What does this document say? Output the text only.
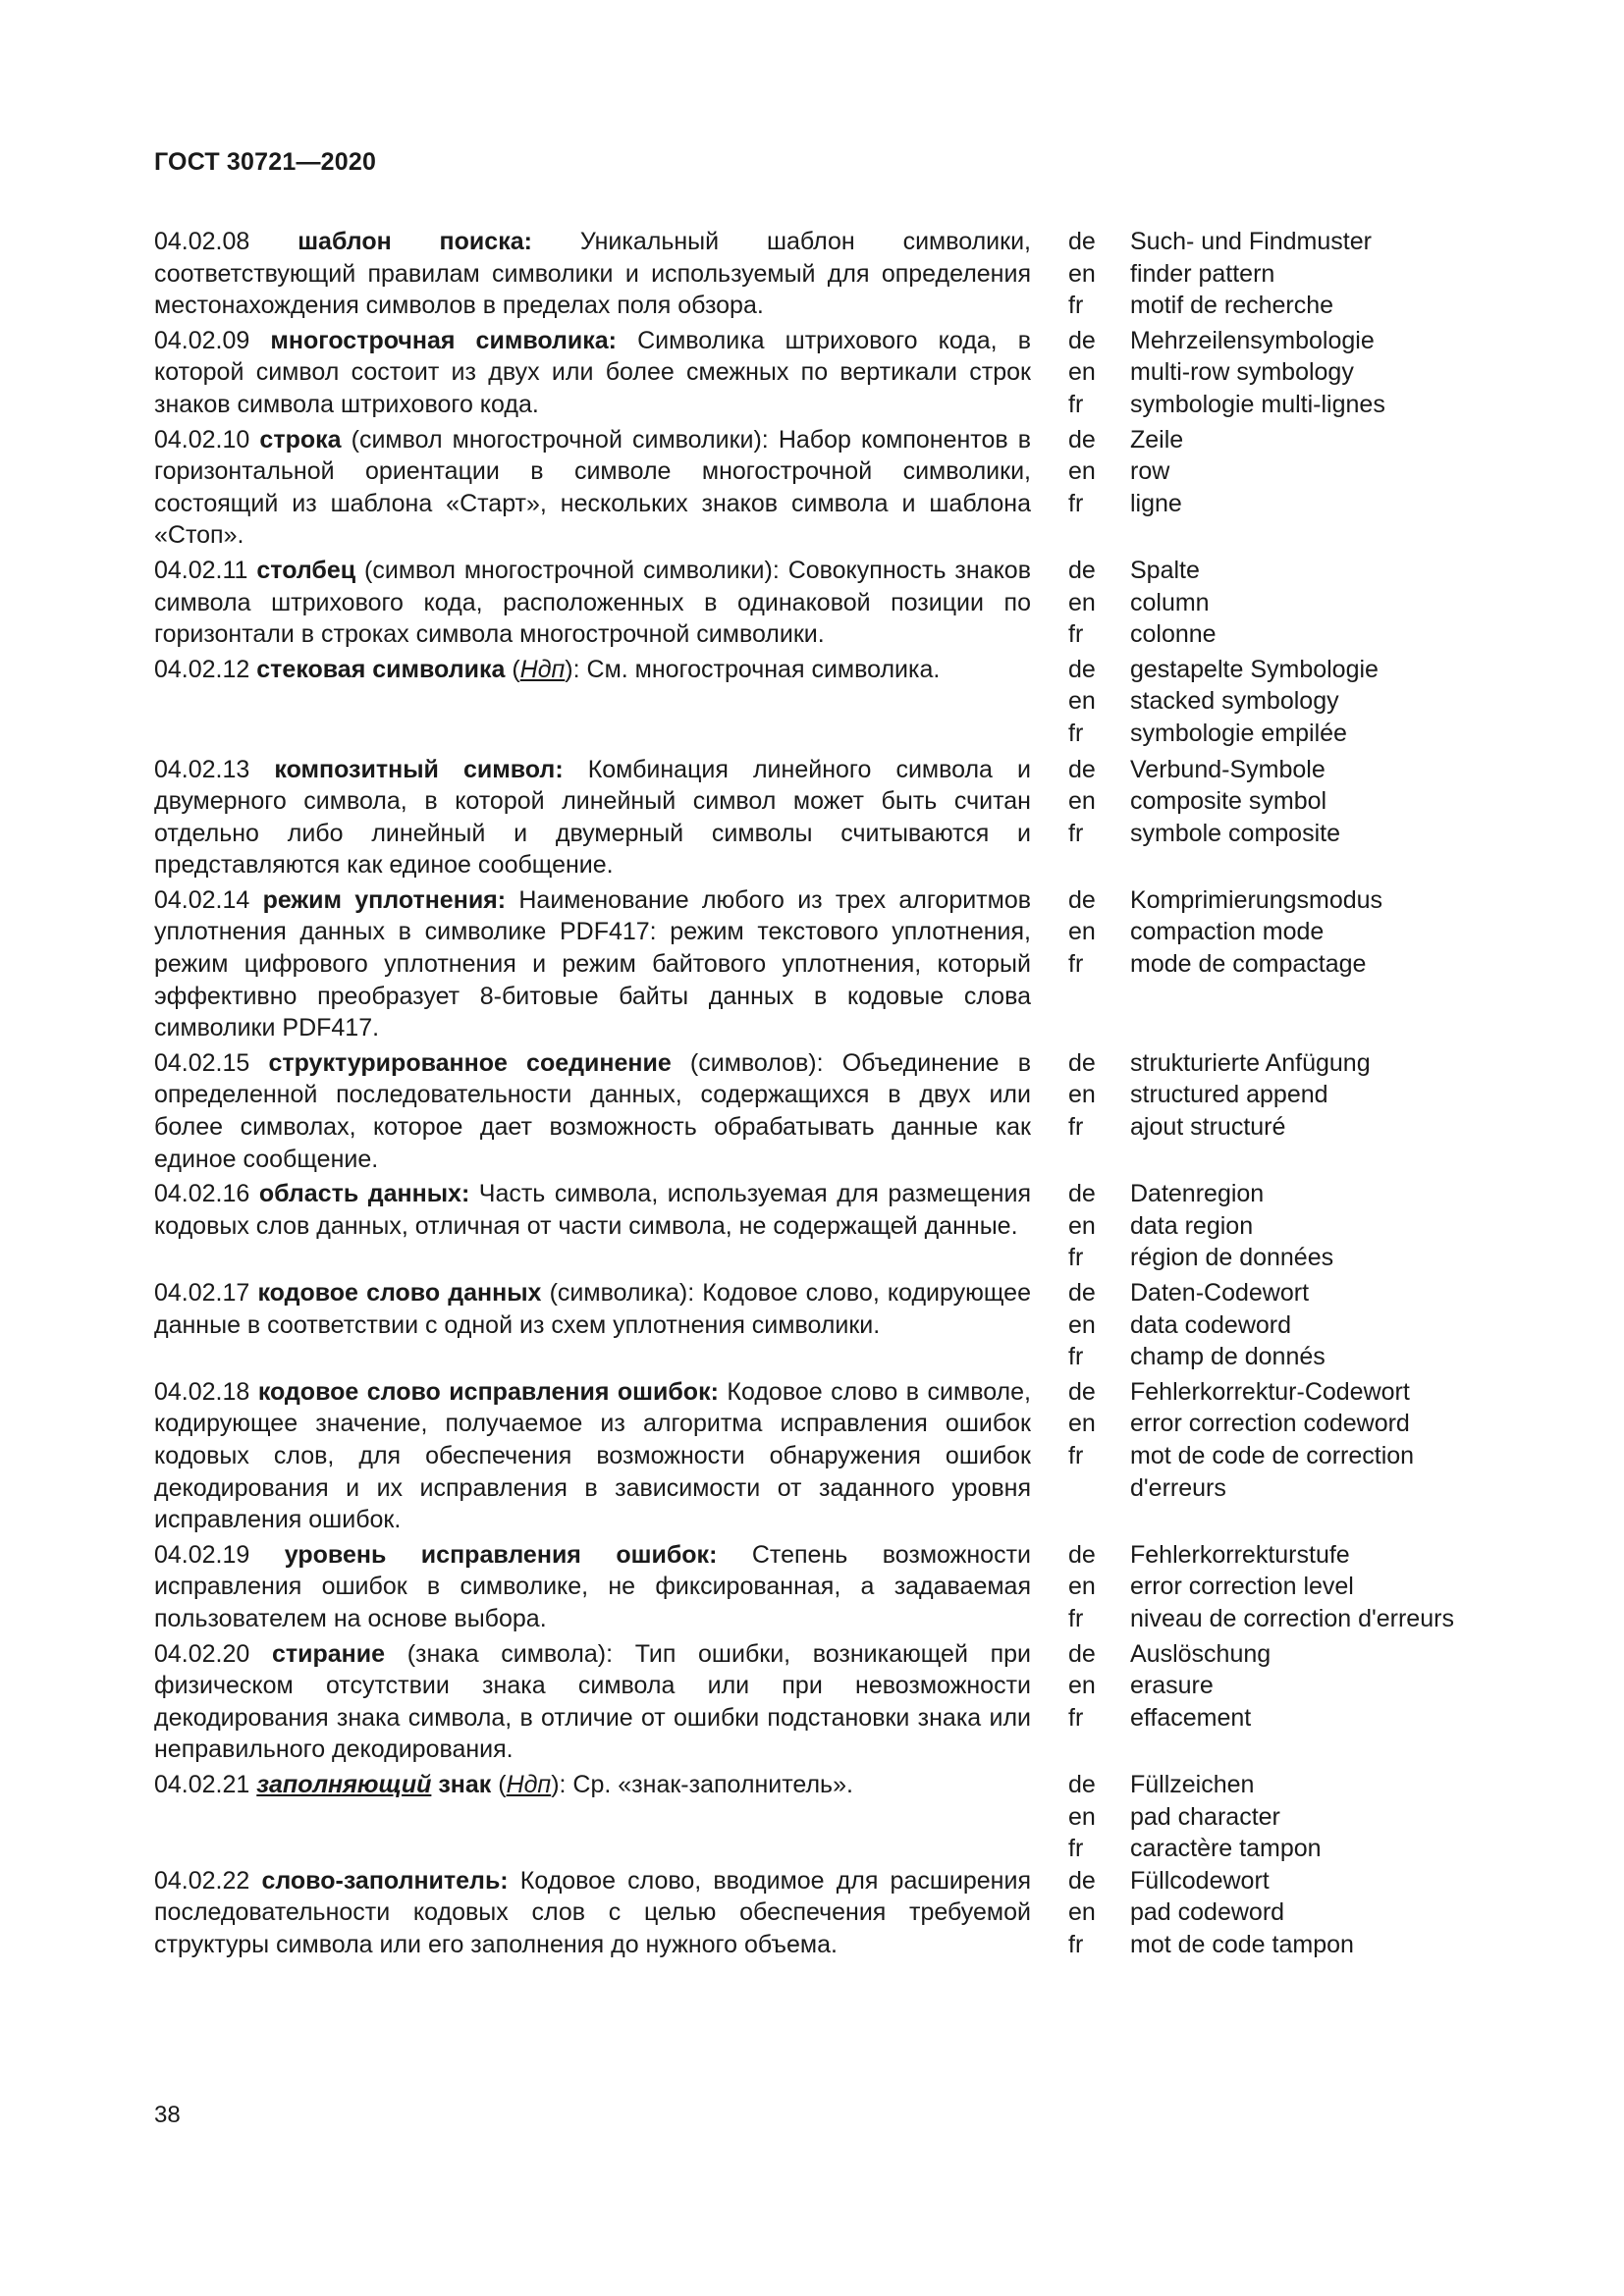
ГОСТ 30721—2020
04.02.08 шаблон поиска: Уникальный шаблон символики, соответствующий правилам символики и используемый для определения местонахождения символов в пределах поля обзора.
de	Such- und Findmuster
en	finder pattern
fr	motif de recherche
04.02.09 многострочная символика: Символика штрихового кода, в которой символ состоит из двух или более смежных по вертикали строк знаков символа штрихового кода.
de	Mehrzeilensymbologie
en	multi-row symbology
fr	symbologie multi-lignes
04.02.10 строка (символ многострочной символики): Набор компонентов в горизонтальной ориентации в символе многострочной символики, состоящий из шаблона «Старт», нескольких знаков символа и шаблона «Стоп».
de	Zeile
en	row
fr	ligne
04.02.11 столбец (символ многострочной символики): Совокупность знаков символа штрихового кода, расположенных в одинаковой позиции по горизонтали в строках символа многострочной символики.
de	Spalte
en	column
fr	colonne
04.02.12 стековая символика (Ндп): См. многострочная символика.	de	gestapelte Symbologie
en	stacked symbology
fr	symbologie empilée
04.02.13 композитный символ: Комбинация линейного символа и двумерного символа, в которой линейный символ может быть считан отдельно либо линейный и двумерный символы считываются и представляются как единое сообщение.
de	Verbund-Symbole
en	composite symbol
fr	symbole composite
04.02.14 режим уплотнения: Наименование любого из трех алгоритмов уплотнения данных в символике PDF417: режим текстового уплотнения, режим цифрового уплотнения и режим байтового уплотнения, который эффективно преобразует 8-битовые байты данных в кодовые слова символики PDF417.
de	Komprimierungsmodus
en	compaction mode
fr	mode de compactage
04.02.15 структурированное соединение (символов): Объединение в определенной последовательности данных, содержащихся в двух или более символах, которое дает возможность обрабатывать данные как единое сообщение.
de	strukturierte Anfügung
en	structured append
fr	ajout structuré
04.02.16 область данных: Часть символа, используемая для размещения кодовых слов данных, отличная от части символа, не содержащей данные.
de	Datenregion
en	data region
fr	région de données
04.02.17 кодовое слово данных (символика): Кодовое слово, кодирующее данные в соответствии с одной из схем уплотнения символики.
de	Daten-Codewort
en	data codeword
fr	champ de donnés
04.02.18 кодовое слово исправления ошибок: Кодовое слово в символе, кодирующее значение, получаемое из алгоритма исправления ошибок кодовых слов, для обеспечения возможности обнаружения ошибок декодирования и их исправления в зависимости от заданного уровня исправления ошибок.
de	Fehlerkorrektur-Codewort
en	error correction codeword
fr	mot de code de correction d'erreurs
04.02.19 уровень исправления ошибок: Степень возможности исправления ошибок в символике, не фиксированная, а задаваемая пользователем на основе выбора.
de	Fehlerkorrekturstufe
en	error correction level
fr	niveau de correction d'erreurs
04.02.20 стирание (знака символа): Тип ошибки, возникающей при физическом отсутствии знака символа или при невозможности декодирования знака символа, в отличие от ошибки подстановки знака или неправильного декодирования.
de	Auslöschung
en	erasure
fr	effacement
04.02.21 заполняющий знак (Ндп): Ср. «знак-заполнитель».	de	Füllzeichen
en	pad character
fr	caractère tampon
04.02.22 слово-заполнитель: Кодовое слово, вводимое для расширения последовательности кодовых слов с целью обеспечения требуемой структуры символа или его заполнения до нужного объема.
de	Füllcodewort
en	pad codeword
fr	mot de code tampon
38
